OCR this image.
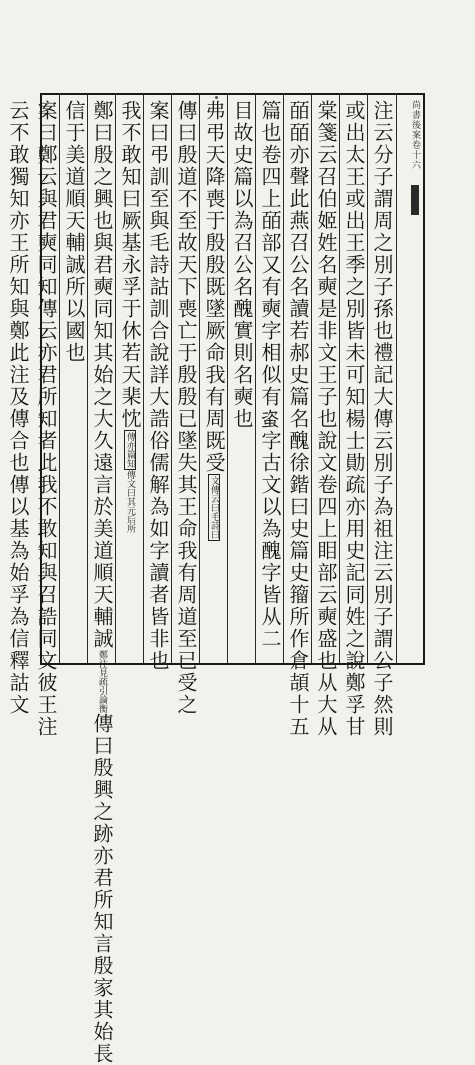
尚書後案卷十六
注云分子謂周之別子孫也禮記大傳云別子為祖注云別子謂公子然則
或出太王或出王季之別皆未可知楊士勛疏亦用史記同姓之說鄭孚甘
棠箋云召伯姬姓名奭是非文王子也說文卷四上䀠部云奭盛也从大从
皕皕亦聲此燕召公名讀若郝史篇名醜徐鍇曰史篇史籀所作倉頡十五
篇也卷四上皕部又有奭字相似有𧊒字古文以為醜字皆从二
目故史篇以為召公名醜實則名奭也
弗弔天降喪于殷殷既墜厥命我有周既受文傳云曰毛詩曰
傳曰殷道不至故天下喪亡于殷殷已墜失其王命我有周道至已受之
案曰弔訓至與毛詩詁訓合說詳大誥俗儒解為如字讀者皆非也
我不敢知曰厥基永孚于休若天棐忱傳亦篇知傳文曰其元后所
鄭曰殷之興也與君奭同知其始之大久遠言於美道順天輔誠鄭注見疏引論衡傳曰殷興之跡亦君所知言殷家其始長
信于美道順天輔誠所以國也
案曰鄭云與君奭同知傳云亦君所知者此我不敢知與召誥同文彼王注
云不敢獨知亦王所知與鄭此注及傳合也傳以基為始孚為信釋詁文
